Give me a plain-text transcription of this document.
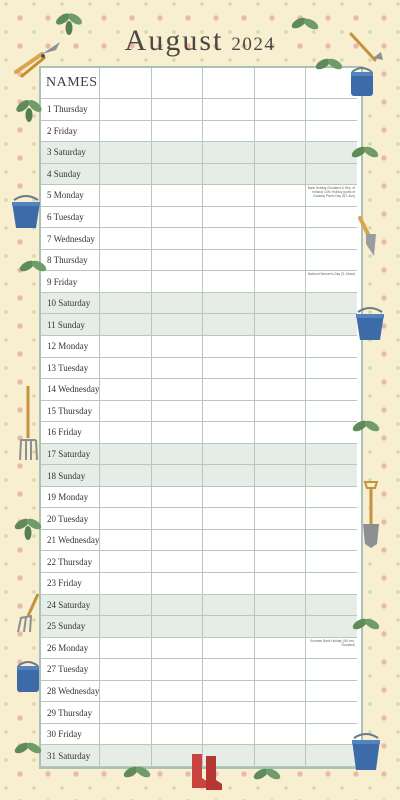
August 2024
NAMES
1 Thursday
2 Friday
3 Saturday
4 Sunday
5 Monday
Bank Holiday (Scotland & Rep. of Ireland) Civic Holiday (parts of Canada) Picnic Day (NT, Aus)
6 Tuesday
7 Wednesday
8 Thursday
9 Friday
National Women's Day (S. Africa)
10 Saturday
11 Sunday
12 Monday
13 Tuesday
14 Wednesday
15 Thursday
16 Friday
17 Saturday
18 Sunday
19 Monday
20 Tuesday
21 Wednesday
22 Thursday
23 Friday
24 Saturday
25 Sunday
26 Monday
Summer Bank Holiday (UK exc. Scotland)
27 Tuesday
28 Wednesday
29 Thursday
30 Friday
31 Saturday
